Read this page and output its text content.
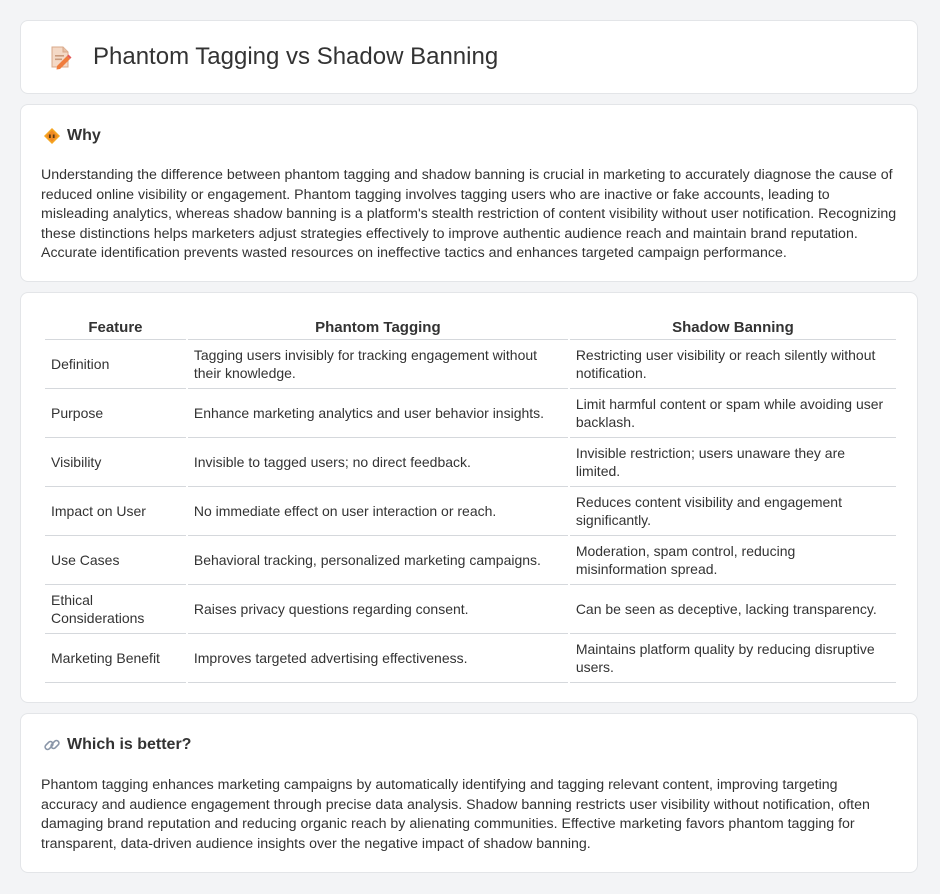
Phantom Tagging vs Shadow Banning
Why

Understanding the difference between phantom tagging and shadow banning is crucial in marketing to accurately diagnose the cause of reduced online visibility or engagement. Phantom tagging involves tagging users who are inactive or fake accounts, leading to misleading analytics, whereas shadow banning is a platform's stealth restriction of content visibility without user notification. Recognizing these distinctions helps marketers adjust strategies effectively to improve authentic audience reach and maintain brand reputation. Accurate identification prevents wasted resources on ineffective tactics and enhances targeted campaign performance.

Feature	Phantom Tagging	Shadow Banning
Definition	Tagging users invisibly for tracking engagement without their knowledge.	Restricting user visibility or reach silently without notification.
Purpose	Enhance marketing analytics and user behavior insights.	Limit harmful content or spam while avoiding user backlash.
Visibility	Invisible to tagged users; no direct feedback.	Invisible restriction; users unaware they are limited.
Impact on User	No immediate effect on user interaction or reach.	Reduces content visibility and engagement significantly.
Use Cases	Behavioral tracking, personalized marketing campaigns.	Moderation, spam control, reducing misinformation spread.
Ethical Considerations	Raises privacy questions regarding consent.	Can be seen as deceptive, lacking transparency.
Marketing Benefit	Improves targeted advertising effectiveness.	Maintains platform quality by reducing disruptive users.
Which is better?

Phantom tagging enhances marketing campaigns by automatically identifying and tagging relevant content, improving targeting accuracy and audience engagement through precise data analysis. Shadow banning restricts user visibility without notification, often damaging brand reputation and reducing organic reach by alienating communities. Effective marketing favors phantom tagging for transparent, data-driven audience insights over the negative impact of shadow banning.
